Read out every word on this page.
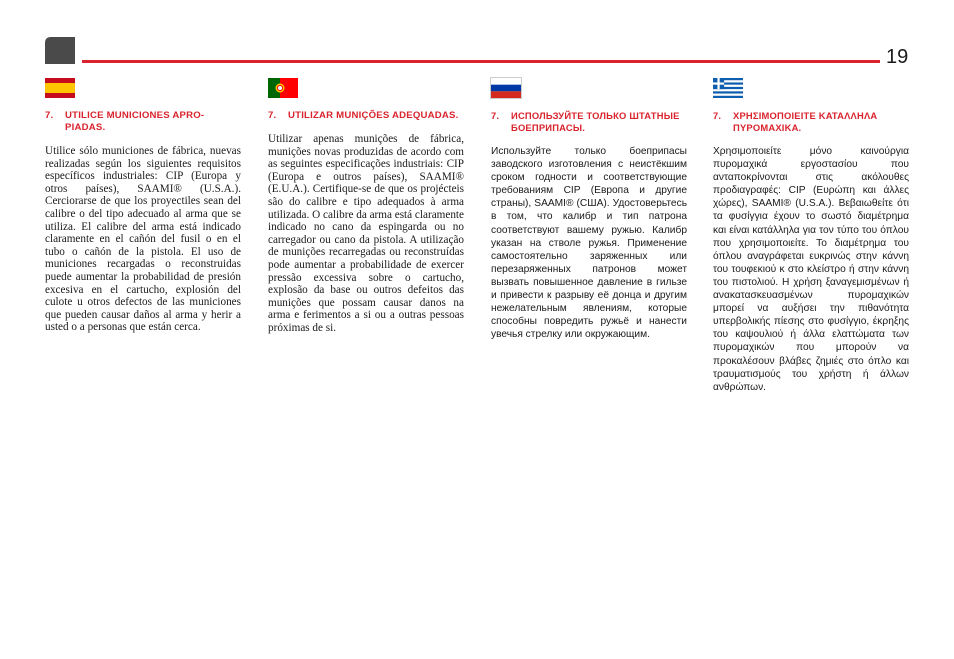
19
7.	UTILICE MUNICIONES APRO-PIADAS.

Utilice sólo municiones de fábrica, nuevas realizadas según los siguientes requisitos específicos industriales: CIP (Europa y otros países), SAAMI® (U.S.A.). Cerciorarse de que los proyectiles sean del calibre o del tipo adecuado al arma que se utiliza. El calibre del arma está indicado claramente en el cañón del fusil o en el tubo o cañón de la pistola. El uso de municiones recargadas o reconstruidas puede aumentar la probabilidad de presión excesiva en el cartucho, explosión del culote u otros defectos de las municiones que pueden causar daños al arma y herir a usted o a personas que están cerca.

7.	UTILIZAR MUNIÇÕES ADEQUADAS.

Utilizar apenas munições de fábrica, munições novas produzidas de acordo com as seguintes especificações industriais: CIP (Europa e outros países), SAAMI® (E.U.A.). Certifique-se de que os projécteis são do calibre e tipo adequados à arma utilizada. O calibre da arma está claramente indicado no cano da espingarda ou no carregador ou cano da pistola. A utilização de munições recarregadas ou reconstruídas pode aumentar a probabilidade de exercer pressão excessiva sobre o cartucho, explosão da base ou outros defeitos das munições que possam causar danos na arma e ferimentos a si ou a outras pessoas próximas de si.

7.	ИСПОЛЬЗУЙТЕ ТОЛЬКО ШТАТНЫЕ БОЕПРИПАСЫ.

Используйте только боеприпасы заводского изготовления с неистёкшим сроком годности и соответствующие требованиям CIP (Европа и другие страны), SAAMI® (США). Удостоверьтесь в том, что калибр и тип патрона соответствуют вашему ружью. Калибр указан на стволе ружья. Применение самостоятельно заряженных или перезаряженных патронов может вызвать повышенное давление в гильзе и привести к разрыву её донца и другим нежелательным явлениям, которые способны повредить ружьё и нанести увечья стрелку или окружающим.

7.	ΧΡΗΣΙΜΟΠΟΙΕΙΤΕ ΚΑΤΑΛΛΗΛΑ ΠΥΡΟΜΑΧΙΚΑ.

Χρησιμοποιείτε μόνο καινούργια πυρομαχικά εργοστασίου που ανταποκρίνονται στις ακόλουθες προδιαγραφές: CIP (Ευρώπη και άλλες χώρες), SAAMI® (U.S.A.). Βεβαιωθείτε ότι τα φυσίγγια έχουν το σωστό διαμέτρημα και είναι κατάλληλα για τον τύπο του όπλου που χρησιμοποιείτε. Το διαμέτρημα του όπλου αναγράφεται ευκρινώς στην κάννη του τουφεκιού κ στο κλείστρο ή στην κάννη του πιστολιού. Η χρήση ξαναγεμισμένων ή ανακατασκευασμένων πυρομαχικών μπορεί να αυξήσει την πιθανότητα υπερβολικής πίεσης στο φυσίγγιο, έκρηξης του καψουλιού ή άλλα ελαττώματα των πυρομαχικών που μπορούν να προκαλέσουν βλάβες ζημιές στο όπλο και τραυματισμούς του χρήστη ή άλλων ανθρώπων.
